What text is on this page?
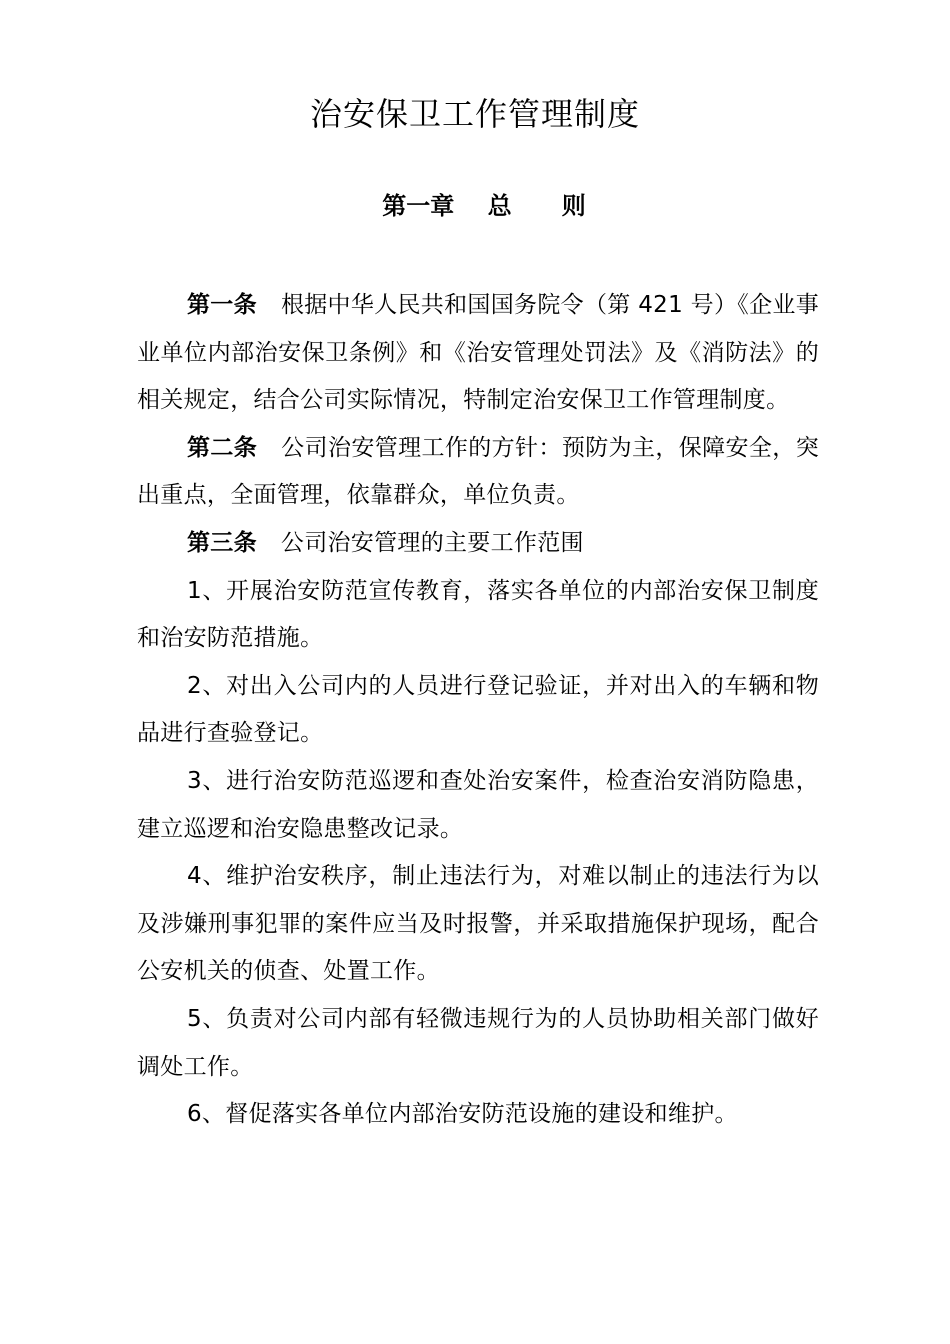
治安保卫工作管理制度
第一章    总      则

第一条 根据中华人民共和国国务院令（第 421 号）《企业事业单位内部治安保卫条例》和《治安管理处罚法》及《消防法》的相关规定，结合公司实际情况，特制定治安保卫工作管理制度。

第二条 公司治安管理工作的方针：预防为主，保障安全，突出重点，全面管理，依靠群众，单位负责。

第三条 公司治安管理的主要工作范围

1、开展治安防范宣传教育，落实各单位的内部治安保卫制度和治安防范措施。

2、对出入公司内的人员进行登记验证，并对出入的车辆和物品进行查验登记。

3、进行治安防范巡逻和查处治安案件，检查治安消防隐患，建立巡逻和治安隐患整改记录。

4、维护治安秩序，制止违法行为，对难以制止的违法行为以及涉嫌刑事犯罪的案件应当及时报警，并采取措施保护现场，配合公安机关的侦查、处置工作。

5、负责对公司内部有轻微违规行为的人员协助相关部门做好调处工作。

6、督促落实各单位内部治安防范设施的建设和维护。
